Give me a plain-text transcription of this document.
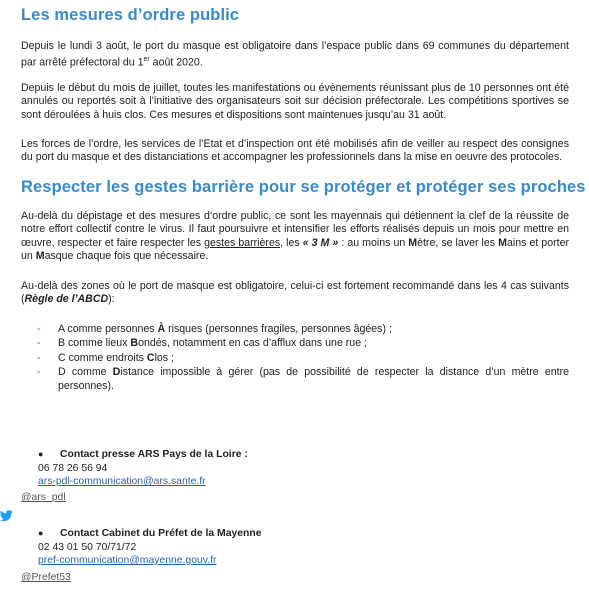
Les mesures d’ordre public

Depuis le lundi 3 août, le port du masque est obligatoire dans l’espace public dans 69 communes du département par arrêté préfectoral du 1er août 2020.

Depuis le début du mois de juillet, toutes les manifestations ou évènements réunissant plus de 10 personnes ont été annulés ou reportés soit à l’initiative des organisateurs soit sur décision préfectorale. Les compétitions sportives se sont déroulées à huis clos. Ces mesures et dispositions sont maintenues jusqu’au 31 août.

Les forces de l’ordre, les services de l’Etat et d’inspection ont été mobilisés afin de veiller au respect des consignes du port du masque et des distanciations et accompagner les professionnels dans la mise en oeuvre des protocoles.

Respecter les gestes barrière pour se protéger et protéger ses proches

Au-delà du dépistage et des mesures d’ordre public, ce sont les mayennais qui détiennent la clef de la réussite de notre effort collectif contre le virus. Il faut poursuivre et intensifier les efforts réalisés depuis un mois pour mettre en œuvre, respecter et faire respecter les gestes barrières, les « 3 M » : au moins un Mètre, se laver les Mains et porter un Masque chaque fois que nécessaire.

Au-delà des zones où le port de masque est obligatoire, celui-ci est fortement recommandé dans les 4 cas suivants (Règle de l’ABCD):

- A comme personnes À risques (personnes fragiles, personnes âgées) ;
- B comme lieux Bondés, notamment en cas d’afflux dans une rue ;
- C comme endroits Clos ;
- D comme Distance impossible à gérer (pas de possibilité de respecter la distance d’un mètre entre personnes).
●	Contact presse ARS Pays de la Loire :
06 78 26 56 94
ars-pdl-communication@ars.sante.fr
@ars_pdl
●	Contact Cabinet du Préfet de la Mayenne
02 43 01 50 70/71/72
pref-communication@mayenne.gouv.fr
@Prefet53
